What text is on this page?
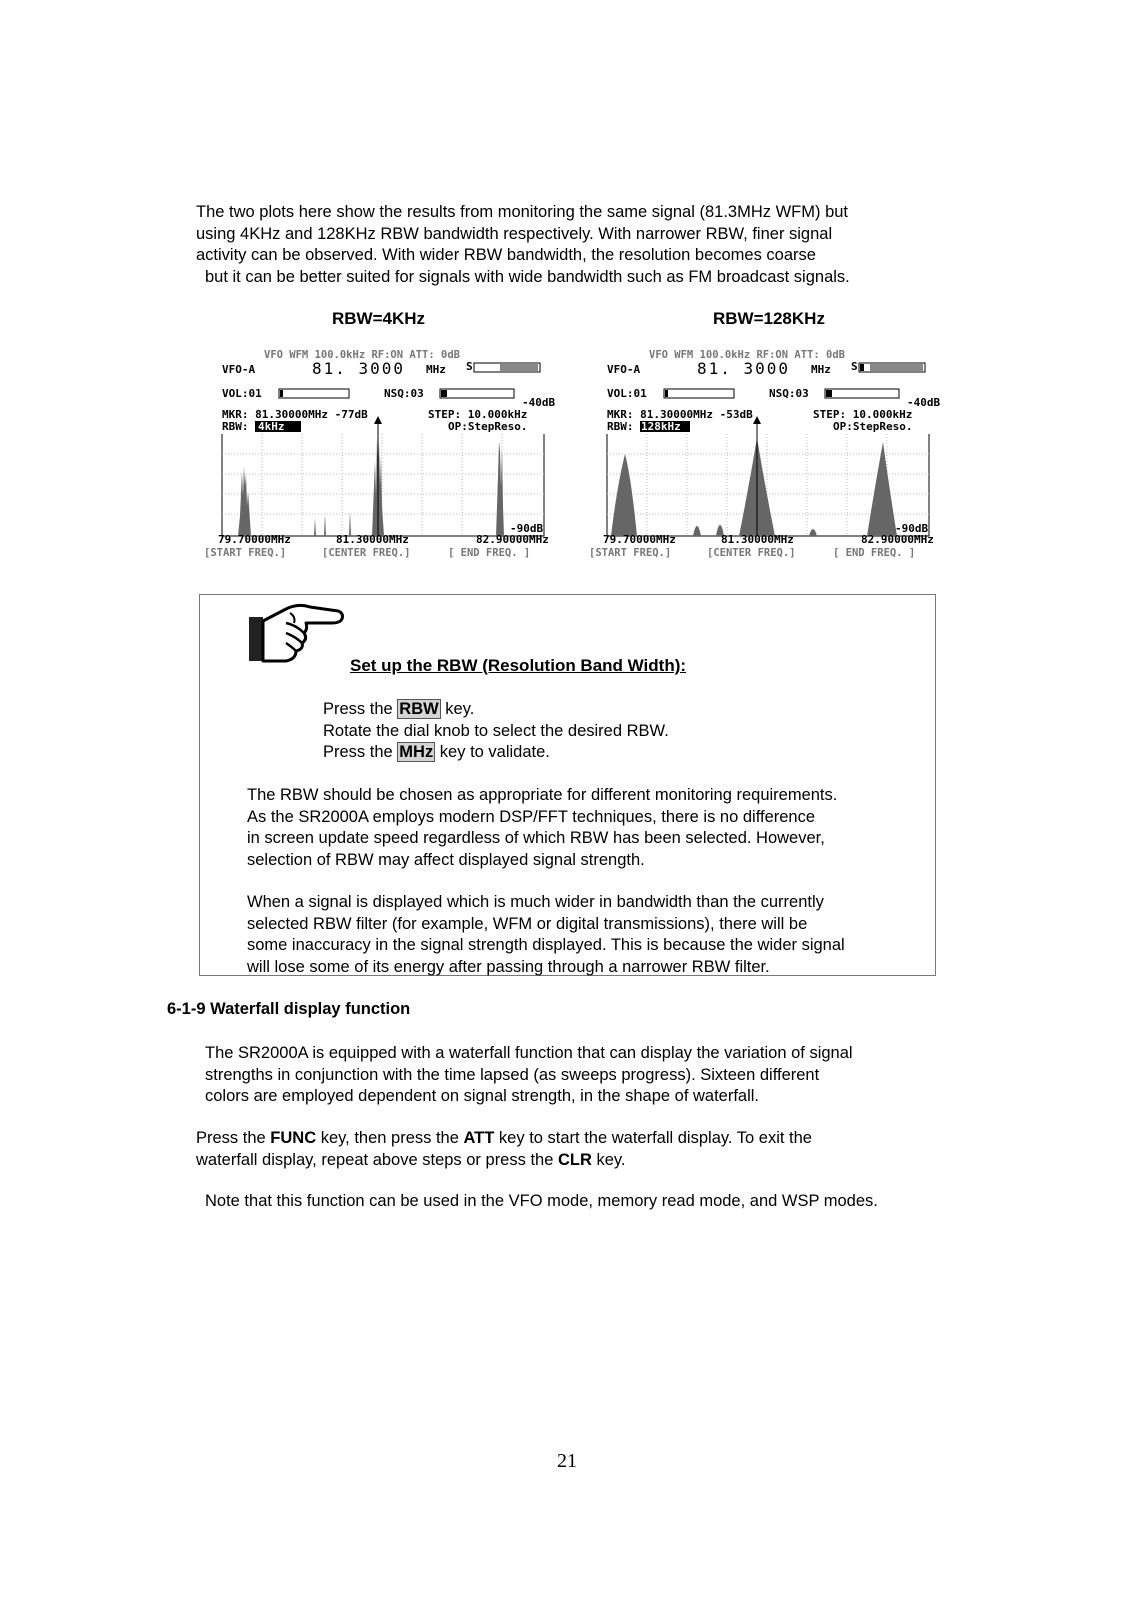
The two plots here show the results from monitoring the same signal (81.3MHz WFM) but
using 4KHz and 128KHz RBW bandwidth respectively. With narrower RBW, finer signal
activity can be observed. With wider RBW bandwidth, the resolution becomes coarse
but it can be better suited for signals with wide bandwidth such as FM broadcast signals.
RBW=4KHz	RBW=128KHz
VFO WFM 100.0kHz RF:ON ATT: 0dB
VFO-A	81. 3000 MHz S
VOL:01	NSQ:03
-40dB
MKR: 81.30000MHz -77dB	STEP: 10.000kHz
RBW: 4kHz	OP:StepReso.
-90dB
79.70000MHz	81.30000MHz	82.90000MHz
[START FREQ.]	[CENTER FREQ.]	[ END FREQ. ]
VFO WFM 100.0kHz RF:ON ATT: 0dB
VFO-A	81. 3000 MHz S
VOL:01	NSQ:03
-40dB
MKR: 81.30000MHz -53dB	STEP: 10.000kHz
RBW: 128kHz	OP:StepReso.
-90dB
79.70000MHz	81.30000MHz	82.90000MHz
[START FREQ.]	[CENTER FREQ.]	[ END FREQ. ]
Set up the RBW (Resolution Band Width):
Press the RBW key.
Rotate the dial knob to select the desired RBW.
Press the MHz key to validate.
The RBW should be chosen as appropriate for different monitoring requirements.
As the SR2000A employs modern DSP/FFT techniques, there is no difference
in screen update speed regardless of which RBW has been selected. However,
selection of RBW may affect displayed signal strength.
When a signal is displayed which is much wider in bandwidth than the currently
selected RBW filter (for example, WFM or digital transmissions), there will be
some inaccuracy in the signal strength displayed. This is because the wider signal
will lose some of its energy after passing through a narrower RBW filter.
6-1-9 Waterfall display function
The SR2000A is equipped with a waterfall function that can display the variation of signal
strengths in conjunction with the time lapsed (as sweeps progress). Sixteen different
colors are employed dependent on signal strength, in the shape of waterfall.
Press the FUNC key, then press the ATT key to start the waterfall display. To exit the
waterfall display, repeat above steps or press the CLR key.
Note that this function can be used in the VFO mode, memory read mode, and WSP modes.
21
